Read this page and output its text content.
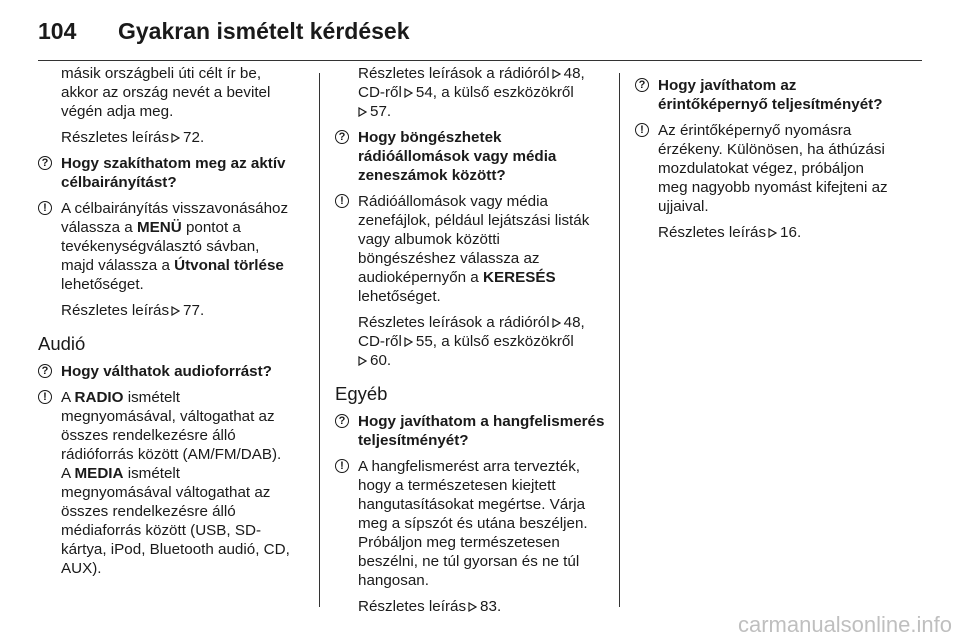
104 Gyakran ismételt kérdések

másik országbeli úti célt ír be,

akkor az ország nevét a bevitel

végén adja meg.

Részletes leírás 72.

? Hogy szakíthatom meg az aktív

célbairányítást?

! A célbairányítás visszavonásához

válassza a MENÜ pontot a

tevékenységválasztó sávban,

majd válassza a Útvonal törlése

lehetőséget.

Részletes leírás 77.

Audió

? Hogy válthatok audioforrást?

! A RADIO ismételt

megnyomásával, váltogathat az

összes rendelkezésre álló

rádióforrás között (AM/FM/DAB).

A MEDIA ismételt

megnyomásával váltogathat az

összes rendelkezésre álló

médiaforrás között (USB, SD-

kártya, iPod, Bluetooth audió, CD,

AUX).

Részletes leírások a rádióról 48,

CD-ről 54, a külső eszközökről

57.

? Hogy böngészhetek

rádióállomások vagy média

zeneszámok között?

! Rádióállomások vagy média

zenefájlok, például lejátszási listák

vagy albumok közötti

böngészéshez válassza az

audioképernyőn a KERESÉS

lehetőséget.

Részletes leírások a rádióról 48,

CD-ről 55, a külső eszközökről

60.

Egyéb

? Hogy javíthatom a hangfelismerés

teljesítményét?

! A hangfelismerést arra tervezték,

hogy a természetesen kiejtett

hangutasításokat megértse. Várja

meg a sípszót és utána beszéljen.

Próbáljon meg természetesen

beszélni, ne túl gyorsan és ne túl

hangosan.

Részletes leírás 83.

? Hogy javíthatom az

érintőképernyő teljesítményét?

! Az érintőképernyő nyomásra

érzékeny. Különösen, ha áthúzási

mozdulatokat végez, próbáljon

meg nagyobb nyomást kifejteni az

ujjaival.

Részletes leírás 16.

carmanualsonline.info
